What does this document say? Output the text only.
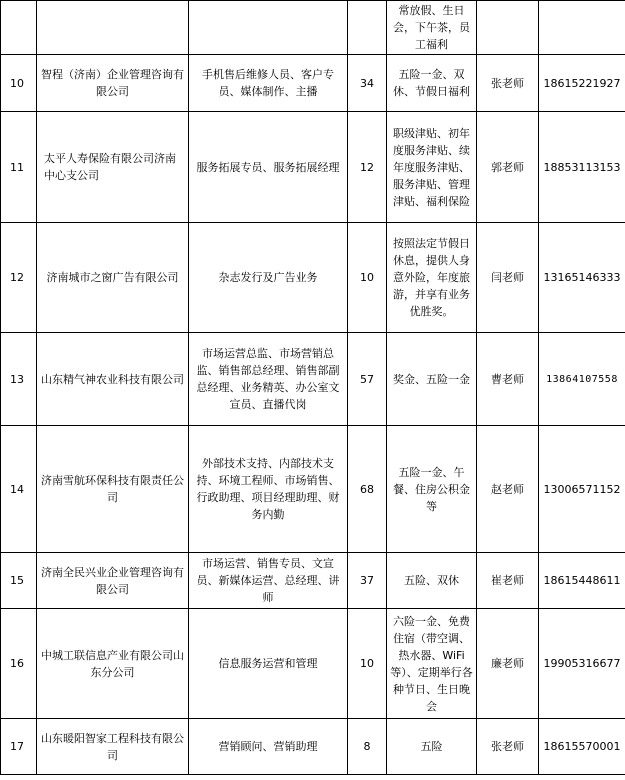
				常放假、生日会，下午茶，员工福利		
10	智程（济南）企业管理咨询有限公司	手机售后维修人员、客户专员、媒体制作、主播	34	五险一金、双休、节假日福利	张老师	18615221927
11	太平人寿保险有限公司济南中心支公司	服务拓展专员、服务拓展经理	12	职级津贴、初年度服务津贴、续年度服务津贴、服务津贴、管理津贴、福利保险	郭老师	18853113153
12	济南城市之窗广告有限公司	杂志发行及广告业务	10	按照法定节假日休息，提供人身意外险，年度旅游，并享有业务优胜奖。	闫老师	13165146333
13	山东精气神农业科技有限公司	市场运营总监、市场营销总监、销售部总经理、销售部副总经理、业务精英、办公室文宣员、直播代岗	57	奖金、五险一金	曹老师	13864107558
14	济南雪航环保科技有限责任公司	外部技术支持、内部技术支持、环境工程师、市场销售、行政助理、项目经理助理、财务内勤	68	五险一金、午餐、住房公积金等	赵老师	13006571152
15	济南全民兴业企业管理咨询有限公司	市场运营、销售专员、文宣员、新媒体运营、总经理、讲师	37	五险、双休	崔老师	18615448611
16	中城工联信息产业有限公司山东分公司	信息服务运营和管理	10	六险一金、免费住宿（带空调、热水器、WiFi等）、定期举行各种节日、生日晚会	廉老师	19905316677
17	山东暖阳智家工程科技有限公司	营销顾问、营销助理	8	五险	张老师	18615570001
